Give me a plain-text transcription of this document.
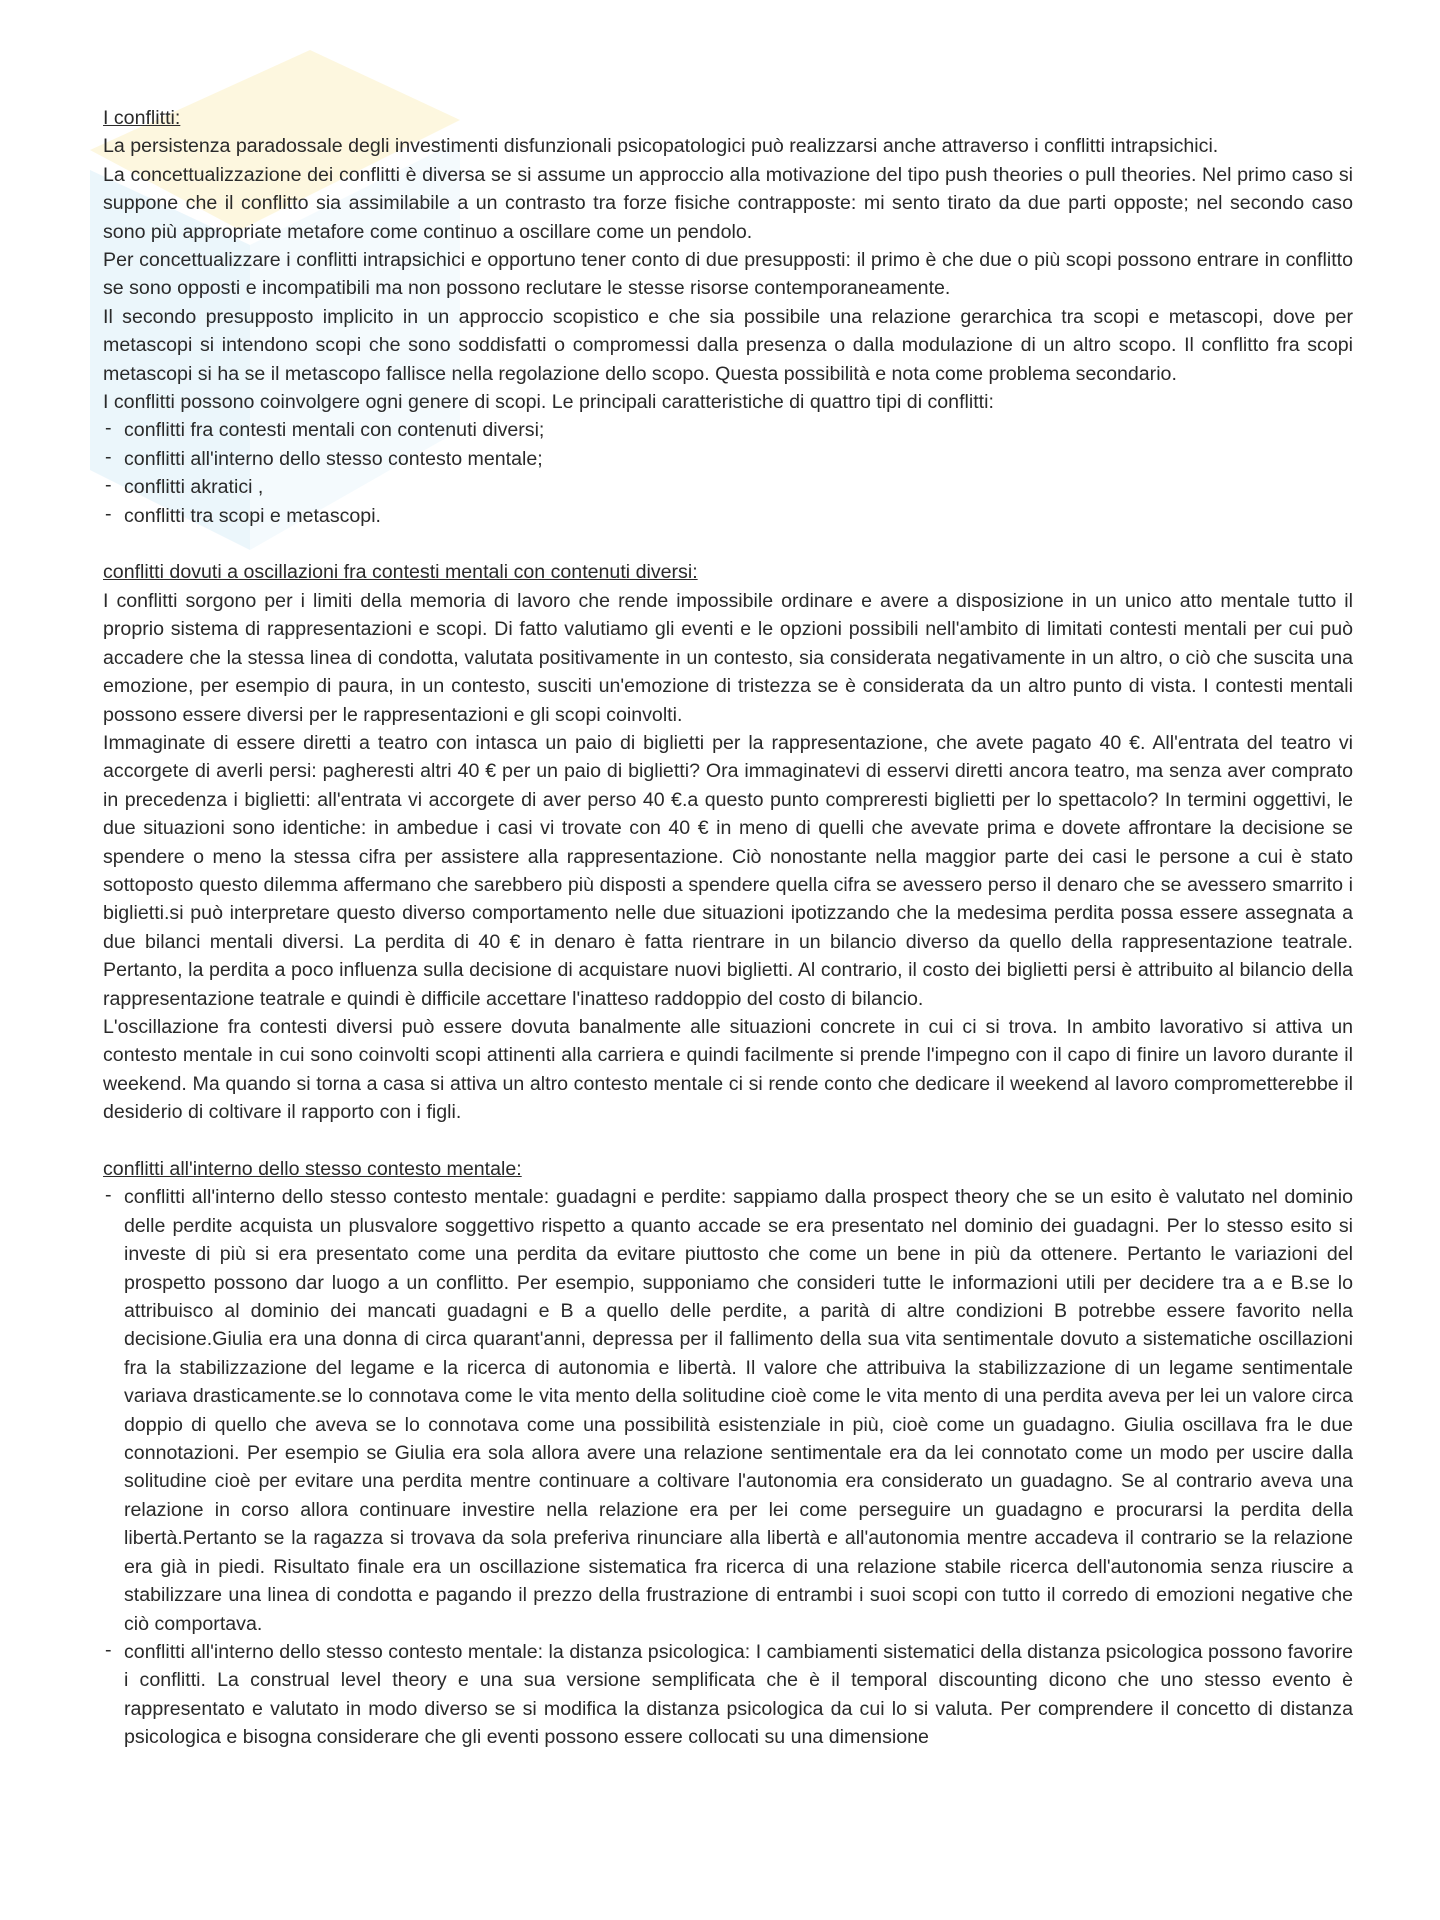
I conflitti:

La persistenza paradossale degli investimenti disfunzionali psicopatologici può realizzarsi anche attraverso i conflitti intrapsichici.

La concettualizzazione dei conflitti è diversa se si assume un approccio alla motivazione del tipo push theories o pull theories. Nel primo caso si suppone che il conflitto sia assimilabile a un contrasto tra forze fisiche contrapposte: mi sento tirato da due parti opposte; nel secondo caso sono più appropriate metafore come continuo a oscillare come un pendolo.

Per concettualizzare i conflitti intrapsichici e opportuno tener conto di due presupposti: il primo è che due o più scopi possono entrare in conflitto se sono opposti e incompatibili ma non possono reclutare le stesse risorse contemporaneamente.

Il secondo presupposto implicito in un approccio scopistico e che sia possibile una relazione gerarchica tra scopi e metascopi, dove per metascopi si intendono scopi che sono soddisfatti o compromessi dalla presenza o dalla modulazione di un altro scopo. Il conflitto fra scopi metascopi si ha se il metascopo fallisce nella regolazione dello scopo. Questa possibilità e nota come problema secondario.

I conflitti possono coinvolgere ogni genere di scopi. Le principali caratteristiche di quattro tipi di conflitti:

- conflitti fra contesti mentali con contenuti diversi;
- conflitti all'interno dello stesso contesto mentale;
- conflitti akratici ,
- conflitti tra scopi e metascopi.

conflitti dovuti a oscillazioni fra contesti mentali con contenuti diversi:

I conflitti sorgono per i limiti della memoria di lavoro che rende impossibile ordinare e avere a disposizione in un unico atto mentale tutto il proprio sistema di rappresentazioni e scopi. Di fatto valutiamo gli eventi e le opzioni possibili nell'ambito di limitati contesti mentali per cui può accadere che la stessa linea di condotta, valutata positivamente in un contesto, sia considerata negativamente in un altro, o ciò che suscita una emozione, per esempio di paura, in un contesto, susciti un'emozione di tristezza se è considerata da un altro punto di vista. I contesti mentali possono essere diversi per le rappresentazioni e gli scopi coinvolti.

Immaginate di essere diretti a teatro con intasca un paio di biglietti per la rappresentazione, che avete pagato 40 €. All'entrata del teatro vi accorgete di averli persi: pagheresti altri 40 € per un paio di biglietti? Ora immaginatevi di esservi diretti ancora teatro, ma senza aver comprato in precedenza i biglietti: all'entrata vi accorgete di aver perso 40 €.a questo punto compreresti biglietti per lo spettacolo? In termini oggettivi, le due situazioni sono identiche: in ambedue i casi vi trovate con 40 € in meno di quelli che avevate prima e dovete affrontare la decisione se spendere o meno la stessa cifra per assistere alla rappresentazione. Ciò nonostante nella maggior parte dei casi le persone a cui è stato sottoposto questo dilemma affermano che sarebbero più disposti a spendere quella cifra se avessero perso il denaro che se avessero smarrito i biglietti.si può interpretare questo diverso comportamento nelle due situazioni ipotizzando che la medesima perdita possa essere assegnata a due bilanci mentali diversi. La perdita di 40 € in denaro è fatta rientrare in un bilancio diverso da quello della rappresentazione teatrale. Pertanto, la perdita a poco influenza sulla decisione di acquistare nuovi biglietti. Al contrario, il costo dei biglietti persi è attribuito al bilancio della rappresentazione teatrale e quindi è difficile accettare l'inatteso raddoppio del costo di bilancio.

L'oscillazione fra contesti diversi può essere dovuta banalmente alle situazioni concrete in cui ci si trova. In ambito lavorativo si attiva un contesto mentale in cui sono coinvolti scopi attinenti alla carriera e quindi facilmente si prende l'impegno con il capo di finire un lavoro durante il weekend. Ma quando si torna a casa si attiva un altro contesto mentale ci si rende conto che dedicare il weekend al lavoro comprometterebbe il desiderio di coltivare il rapporto con i figli.

conflitti all'interno dello stesso contesto mentale:

- conflitti all'interno dello stesso contesto mentale: guadagni e perdite: sappiamo dalla prospect theory che se un esito è valutato nel dominio delle perdite acquista un plusvalore soggettivo rispetto a quanto accade se era presentato nel dominio dei guadagni. Per lo stesso esito si investe di più si era presentato come una perdita da evitare piuttosto che come un bene in più da ottenere. Pertanto le variazioni del prospetto possono dar luogo a un conflitto. Per esempio, supponiamo che consideri tutte le informazioni utili per decidere tra a e B.se lo attribuisco al dominio dei mancati guadagni e B a quello delle perdite, a parità di altre condizioni B potrebbe essere favorito nella decisione.Giulia era una donna di circa quarant'anni, depressa per il fallimento della sua vita sentimentale dovuto a sistematiche oscillazioni fra la stabilizzazione del legame e la ricerca di autonomia e libertà. Il valore che attribuiva la stabilizzazione di un legame sentimentale variava drasticamente.se lo connotava come le vita mento della solitudine cioè come le vita mento di una perdita aveva per lei un valore circa doppio di quello che aveva se lo connotava come una possibilità esistenziale in più, cioè come un guadagno. Giulia oscillava fra le due connotazioni. Per esempio se Giulia era sola allora avere una relazione sentimentale era da lei connotato come un modo per uscire dalla solitudine cioè per evitare una perdita mentre continuare a coltivare l'autonomia era considerato un guadagno. Se al contrario aveva una relazione in corso allora continuare investire nella relazione era per lei come perseguire un guadagno e procurarsi la perdita della libertà.Pertanto se la ragazza si trovava da sola preferiva rinunciare alla libertà e all'autonomia mentre accadeva il contrario se la relazione era già in piedi. Risultato finale era un oscillazione sistematica fra ricerca di una relazione stabile ricerca dell'autonomia senza riuscire a stabilizzare una linea di condotta e pagando il prezzo della frustrazione di entrambi i suoi scopi con tutto il corredo di emozioni negative che ciò comportava.
- conflitti all'interno dello stesso contesto mentale: la distanza psicologica: I cambiamenti sistematici della distanza psicologica possono favorire i conflitti. La construal level theory e una sua versione semplificata che è il temporal discounting dicono che uno stesso evento è rappresentato e valutato in modo diverso se si modifica la distanza psicologica da cui lo si valuta. Per comprendere il concetto di distanza psicologica e bisogna considerare che gli eventi possono essere collocati su una dimensione
